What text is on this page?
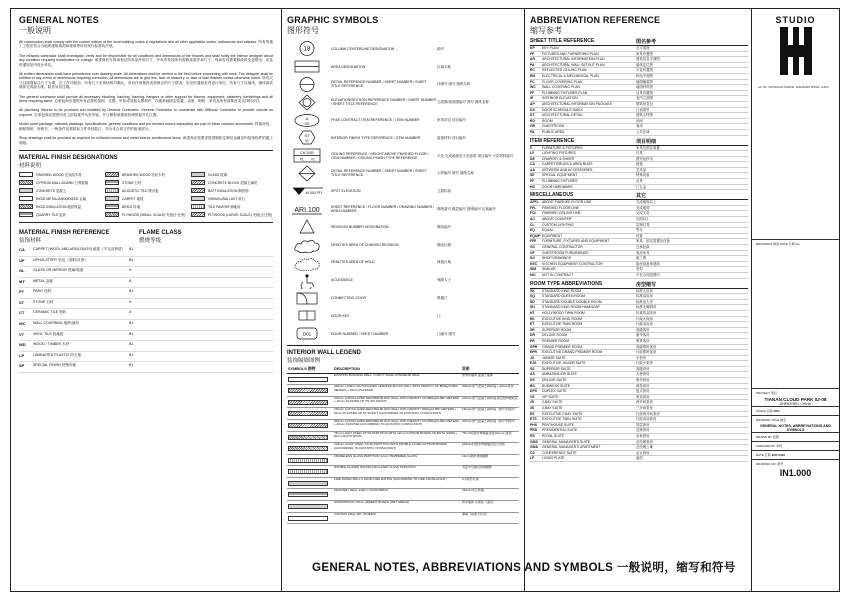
GENERAL NOTES
一般说明
All construction shall comply with the current edition of the local building codes & regulations and all other applicable codes, ordinances and statutes. 所有的施工工程应符合当地的建筑规范和规章等所有现行标准的法规。
The millwork contractor shall investigate, verify and be responsible for all conditions and dimensions of the fixtures and shall notify the interior designer about any condition requiring modification or change. 承建商应在现场查证所有条件和尺寸，并负责发现所有需修改条件和尺寸，现场若有需要修改或变更情况，应及时通知室内设计单位。
All written dimensions shall have precedence over drawing scale. All dimensions shall be verified in the field before proceeding with work. The designer shall be notified of any errors or dimensions requiring correction. All dimensions are to grid line, face of masonry, or face of wall finishes unless otherwise noted. 所有尺寸以图面标注尺寸为准，在工作开展前，所有尺寸应现场核对确认，若有任何错误或需修正的尺寸情况，应及时通知室内设计单位，所有尺寸以轴线、砌体面或墙体完成面为准，除非另有注明。
The general contractor shall provide all necessary blocking, backing, framing, hangers or other support for fixtures, equipment, cabinetry, furnishings and all items requiring same. 总承包商应提供所有必需的加固、支撑、吊挂或其他支撑构件，以便承载固定装置、设备、橱柜、家具及所有需要此类支持的项目。
All plumbing fixtures to be provided and installed by General Contractor. General Contractor to coordinate with Millwork Contractor to provide cutouts as required. 总承包商应提供所有卫浴装置并负责安装，并与橱柜承建商协调预留开孔位置。
Model room package, millwork drawings, specifications, general conditions and pre-tenders bound separately are part of these contract documents. 样板房包、橱柜图纸、规格书、一般条件及预招标文件单独装订，均为本合同文件的组成部分。
Shop drawings shall be provided as required for millwork/custom and metal interior architectural items. 承建商应按要求提供橱柜定制及金属室内装饰构件的施工图纸。
MATERIAL FINISH DESIGNATIONS
材料说明
FINISHED WOOD 完成面木材	BRUSHED WOOD 拉丝木材	GLASS 玻璃
GYPSUM WALL BOARD 石膏板墙	STONE 石材	CONCRETE BLOCK 混凝土砌块
CONCRETE 混凝土	ACOUSTIC TILE 吸音板	BATT INSULATION 隔热棉
RIGID METAL/ANNODIZED 金属	CARPET 地毯	GRAVEL/BALLAST 碎石
RIGID INSULATION 硬质保温	BRICK 砖墙	TILE PAVERS 铺地砖
QUARRY TILE 缸砖	PLYWOOD (SMALL SCALE) 夹板(小比例)	PLYWOOD (LARGE SCALE) 夹板(大比例)
MATERIAL FINISH REFERENCE
装饰材料
FLAME CLASS
燃烧等级
CA	CARPET (WOOL AND AREA RUGS) 地毯（羊毛及块毯）	B1
UP	UPHOLSTERY 软包（面料/皮革）	B1
GL	GLASS OR MIRROR 玻璃/镜面	A
MT	METAL 金属	A
PT	PAINT 涂料	B1
ST	STONE 石材	A
CT	CERAMIC TILE 瓷砖	A
WC	WALL COVERING 墙纸/墙布	B1
VT	VINYL TILE 胶地板	B1
WD	WOOD / TIMBER 木材	B1
LP	LAMINATED PLASTIC 防火板	B1
SP	SPECIAL FINISH 特殊饰面	B1
GRAPHIC SYMBOLS
图形符号
18	COLUMN CENTERLINE DESIGNATION	轴号
AREA DESIGNATION	区域名称
DETAIL REFERENCE NUMBER / SHEET NUMBER / SHEET TITLE REFERENCE	详图号 图号 图纸名称
ELEVATION/SECTION REFERENCE NUMBER / SHEET NUMBER / SHEET TITLE REFERENCE	立面图/剖面图编号 图号 图纸名称
A
101
FF&E CONTRACT ITEM REFERENCE / ITEM NUMBER	家具项目 项目编号
ST
01
INTERIOR FINISH TYPE REFERENCE / ITEM NUMBER	装饰材料 项目编号
CH 2400
PL 01
CEILING REFERENCE / HEIGHT ABOVE FINISHED FLOOR / ITEM NUMBER / CEILING FINISH TYPE REFERENCE	天花 完成地面至天花高度 项目编号 天花材料编号
DETAIL REFERENCE NUMBER / SHEET NUMBER / SHEET TITLE REFERENCE	大样编号 图号 图纸名称
±0.000 FFL	SPOT ELEVATION	立面标高
ARI.100	SHEET REFERENCE / FLOOR NUMBER / DRAWING NUMBER / AREA NUMBER	图纸索引 楼层编号 图纸编号 区域编号
REVISION NUMBER DESIGNATION	修改编号
DENOTES AREA OF CHANGE/ REVISION	修改区域
DENOTES AREA OF HOLD	保留区域
ACCESSIBLE	残障人士
CONNECTING DOOR	联通门
DOOR KEY	门
D01	DOOR NUMBER / SHEET NUMBER	门编号 图号
INTERIOR WALL LEGEND
装饰隔墙图例
SYMBOLS 图例	DESCRIPTION	说明

	EXISTING BUILDING WALL / CAVITY FACE CONCRETE WALL	原建筑墙体 混凝土墙体

	200mm / 200mm AUTOCLAVED AERATED BLOCK WALL WITH DENSITY OF 800kg/CUBIC METERS + 20mm PLASTER	200mm加气混凝土砌块墙 + 20mm抹灰

	100mm AUTOCLAVED AERATED BLOCK WALL WITH DENSITY OF 800kg/CUBIC METERS + 20mm PLASTER UP TO SIC SOFFIT	100mm加气混凝土砌块墙 砌至结构楼板底

	150mm AUTOCLAVED AERATED BLOCK WALL WITH DENSITY 800kg/CUBIC METERS + 20mm PLASTER UP TO SOFFIT (ACCORDING TO ACOUSTIC CONSULTANT)	150mm加气混凝土砌块墙（按声学顾问）

	200mm AUTOCLAVED AERATED BLOCK WALL WITH DENSITY OF 800kg/CUBIC METERS + 20mm PLASTER (ACCORDING TO ACOUSTIC CONSULTANT)	200mm加气混凝土砌块墙（按声学顾问）

	75mm LIGHT STEEL STUD PARTITION WITH 12mm GYPSUM BOARD ON BOTH SIDES + 50mm ROCK WOOL	75mm轻钢龙骨隔墙双面12mm石膏板

	100mm LIGHT STEEL STUD PARTITION WITH DOUBLE LAYER GYPSUM BOARD (ACCORDING TO ACOUSTIC CONSULTANT)	100mm轻钢龙骨隔墙双层石膏板

	FRAMELESS GLASS PARTITION 12mm TEMPERED GLASS	12mm钢化玻璃隔断

	DOUBLE GLAZED SOUND INSULATED GLASS PARTITION	双层中空隔音玻璃隔断

	FIRE RATED WALL 2 HOUR FIRE RATING (ACCORDING TO FIRE CONSULTANT)	2小时防火墙

	MASONRY WALL 240mm SOLID BRICK	240mm实心砖墙

	WATERPROOF WALL CEMENT BOARD (WET AREAS)	防水墙体 水泥板（湿区）

	CURTAIN WALL (BY OTHERS)	幕墙（由他方负责）
ABBREVIATION REFERENCE
缩写参考
SHEET TITLE REFERENCE	图名参考
KP	KEY PLAN	总平面图
FF	FIXTURES AND FURNISHING PLAN	家具布置图
AR	ARCHITECTURAL INFORMATION PLAN	建筑信息平面图
PA	ARCHITECTURAL WALL SETOUT PLAN	墙体定位图
RC	REFLECTED CEILING PLAN	天花布置图
EM	ELECTRICAL & MECHANICAL PLAN	机电平面图
FC	FLOOR COVERING PLAN	地面铺装图
WC	WALL COVERING PLAN	墙面材料图
PF	PLUMBING FIXTURES PLAN	洁具布置图
IE	INTERIOR ELEVATION	室内立面图
AP	ARCHITECTURAL INFORMATION PACKAGE	建筑信息包
DS	DOOR SCHEDULE INDEX	门表索引
DT	ARCHITECTURAL DETAIL	建筑大样图
RO	ROOM	房间
GR	GUESTROOM	客房
PA	PUBLIC AREA	公共区域
ITEM REFERENCE	项目明细
F	FURNITURE & FIXTURES	家具及固定装置
LF	LIGHTING FIXTURES	灯具
DE	DRAPERY & SHEER	窗帘及纱帘
CA	CARPETS/RUGS & AREA RUGS	地毯
AA	ARTWORK AND ACCESSORIES	艺术品
SE	SPECIAL EQUIPMENT	特殊设备
PF	PLUMBING FIXTURES	洁具
HD	DOOR HARDWARE	门五金
MISCELLANEOUS	其它
AFFL ABOVE FINISHED FLOOR LINE	完成地面以上
FFL	FINISHED FLOOR LINE	完成地面
FCL	FINISHED CEILING LINE	完成天花
AC	ABOVE COUNTER	台面以上
CL	CUSTOM LIGHTING	定制灯具
EQ	EQUAL	等分
EQUIP EQUIPMENT	设备
FFE	FURNITURE, FIXTURES AND EQUIPMENT	家具、固定装置及设备
GC	GENERAL CONTRACTOR	总承包商
GF	GUESTROOM FURNISHINGS	客房家具
SG	SHOP DRAWINGS	施工图
KEC	KITCHEN EQUIPMENT CONTRACTOR	厨房设备承建商
SIM	SIMILAR	类似
NIC	NOT IN CONTRACT	不在合同范围内
ROOM TYPE ABBREVIATIONS	房型缩写
SK	STANDARD KING ROOM	标准大床房
SQ	STANDARD QUEEN ROOM	标准双床房
SD	STANDARD DOUBLE DOUBLE ROOM	标准双人房
SH	STANDARD KING ROOM-HANDICAP	标准无障碍房
HT	HOLLYWOOD TWIN ROOM	好莱坞双床房
EK	EXECUTIVE KING ROOM	行政大床房
ET	EXECUTIVE TWIN ROOM	行政双床房
SR	SUPERIOR ROOM	高级客房
DR	DELUXE ROOM	豪华客房
PR	PREMIER ROOM	尊贵客房
GPR	GRAND PREMIER ROOM	高级尊贵客房
EPR	EXECUTIVE GRAND PREMIER ROOM	行政尊贵客房
JS	JUNIOR SUITE	小套房
EJS	EXECUTIVE JUNIOR SUITE	行政小套房
SS	SUPERIOR SUITE	高级套房
AS	AMBASSADOR SUITE	大使套房
DS	DELUXE SUITE	豪华套房
BS	BUSINESS SUITE	商务套房
DPS	DUPLEX SUITE	复式套房
VS	VIP SUITE	贵宾套房
2S	2-BAY SUITE	两开间套房
3S	3-BAY SUITE	三开间套房
ES	EXECUTIVE 2-BAY SUITE	行政两开间套房
ETS	EXECUTIVE TWIN SUITE	行政双床套房
PHS	PENTHOUSE SUITE	顶层套房
PRS	PRESIDENTIAL SUITE	总统套房
RS	ROYAL SUITE	皇家套房
GMS	GENERAL MANAGER'S SUITE	总经理套房
GMA	GENERAL MANAGER'S APARTMENT	总经理公寓
CS	CONFERENCE SUITE	会议套房
LP	LIVING PLATE	起居
STUDIO
4/F, NO. 128 DESIGN AVENUE, SHENZHEN 518000, CHINA
REVISIONS 修改 DATE 日期 No.
PROJECT 项目
TIANAN CLOUD PARK 02-08
SHENZHEN, CHINA
SCALE 比例 NTS
DRAWING TITLE 图名
GENERAL NOTES, ABBREVIATIONS AND SYMBOLS
DRAWN BY 绘图
CHECKED BY 审核
DATE 日期 JUN 2019
DRAWING NO. 图号
IN1.000
GENERAL NOTES, ABBREVIATIONS AND SYMBOLS 一般说明，缩写和符号
